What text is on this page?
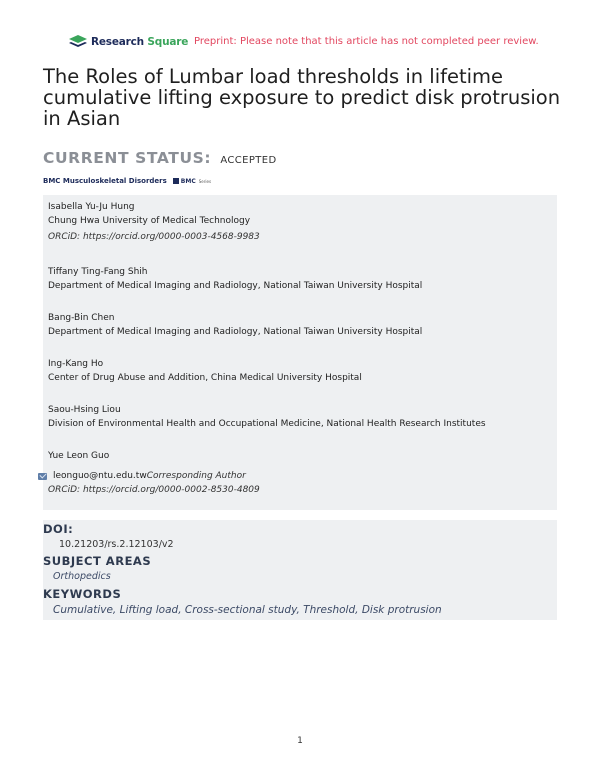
Research Square Preprint: Please note that this article has not completed peer review.
The Roles of Lumbar load thresholds in lifetime cumulative lifting exposure to predict disk protrusion in Asian
CURRENT STATUS: ACCEPTED
BMC Musculoskeletal Disorders BMC Series
Isabella Yu-Ju Hung
Chung Hwa University of Medical Technology
ORCiD: https://orcid.org/0000-0003-4568-9983
Tiffany Ting-Fang Shih
Department of Medical Imaging and Radiology, National Taiwan University Hospital
Bang-Bin Chen
Department of Medical Imaging and Radiology, National Taiwan University Hospital
Ing-Kang Ho
Center of Drug Abuse and Addition, China Medical University Hospital
Saou-Hsing Liou
Division of Environmental Health and Occupational Medicine, National Health Research Institutes
Yue Leon Guo
leonguo@ntu.edu.tw Corresponding Author
ORCiD: https://orcid.org/0000-0002-8530-4809
DOI:
10.21203/rs.2.12103/v2
SUBJECT AREAS
Orthopedics
KEYWORDS
Cumulative, Lifting load, Cross-sectional study, Threshold, Disk protrusion
1
